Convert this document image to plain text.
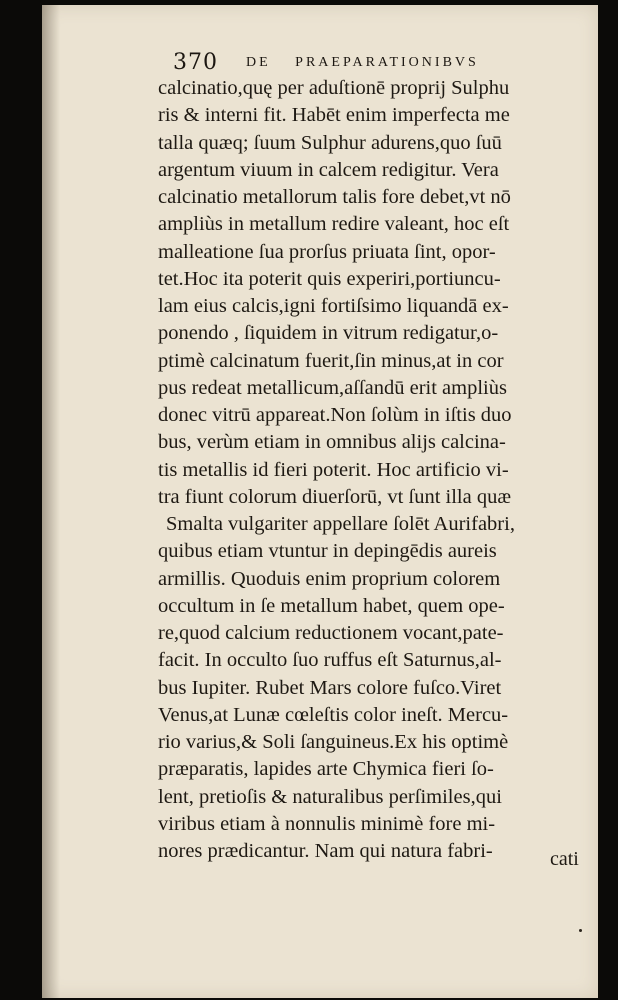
370 DE PRAEPARATIONIBVS
calcinatio,quę per aduſtionē proprij Sulphu
ris & interni fit. Habēt enim imperfecta me
talla quæq; ſuum Sulphur adurens,quo ſuū
argentum viuum in calcem redigitur. Vera
calcinatio metallorum talis fore debet,vt nō
ampliùs in metallum redire valeant, hoc eſt
malleatione ſua prorſus priuata ſint, opor-
tet.Hoc ita poterit quis experiri,portiuncu-
lam eius calcis,igni fortiſsimo liquandā ex-
ponendo , ſiquidem in vitrum redigatur,o-
ptimè calcinatum fuerit,ſin minus,at in cor
pus redeat metallicum,aſſandū erit ampliùs
donec vitrū appareat.Non ſolùm in iſtis duo
bus, verùm etiam in omnibus alijs calcina-
tis metallis id fieri poterit. Hoc artificio vi-
tra fiunt colorum diuerſorū, vt ſunt illa quæ
Smalta vulgariter appellare ſolēt Aurifabri,
quibus etiam vtuntur in depingēdis aureis
armillis. Quoduis enim proprium colorem
occultum in ſe metallum habet, quem ope-
re,quod calcium reductionem vocant,pate-
facit. In occulto ſuo ruffus eſt Saturnus,al-
bus Iupiter. Rubet Mars colore fuſco.Viret
Venus,at Lunæ cœleſtis color ineſt. Mercu-
rio varius,& Soli ſanguineus.Ex his optimè
præparatis, lapides arte Chymica fieri ſo-
lent, pretioſis & naturalibus perſimiles,qui
viribus etiam à nonnulis minimè fore mi-
nores prædicantur. Nam qui natura fabri-	cati
